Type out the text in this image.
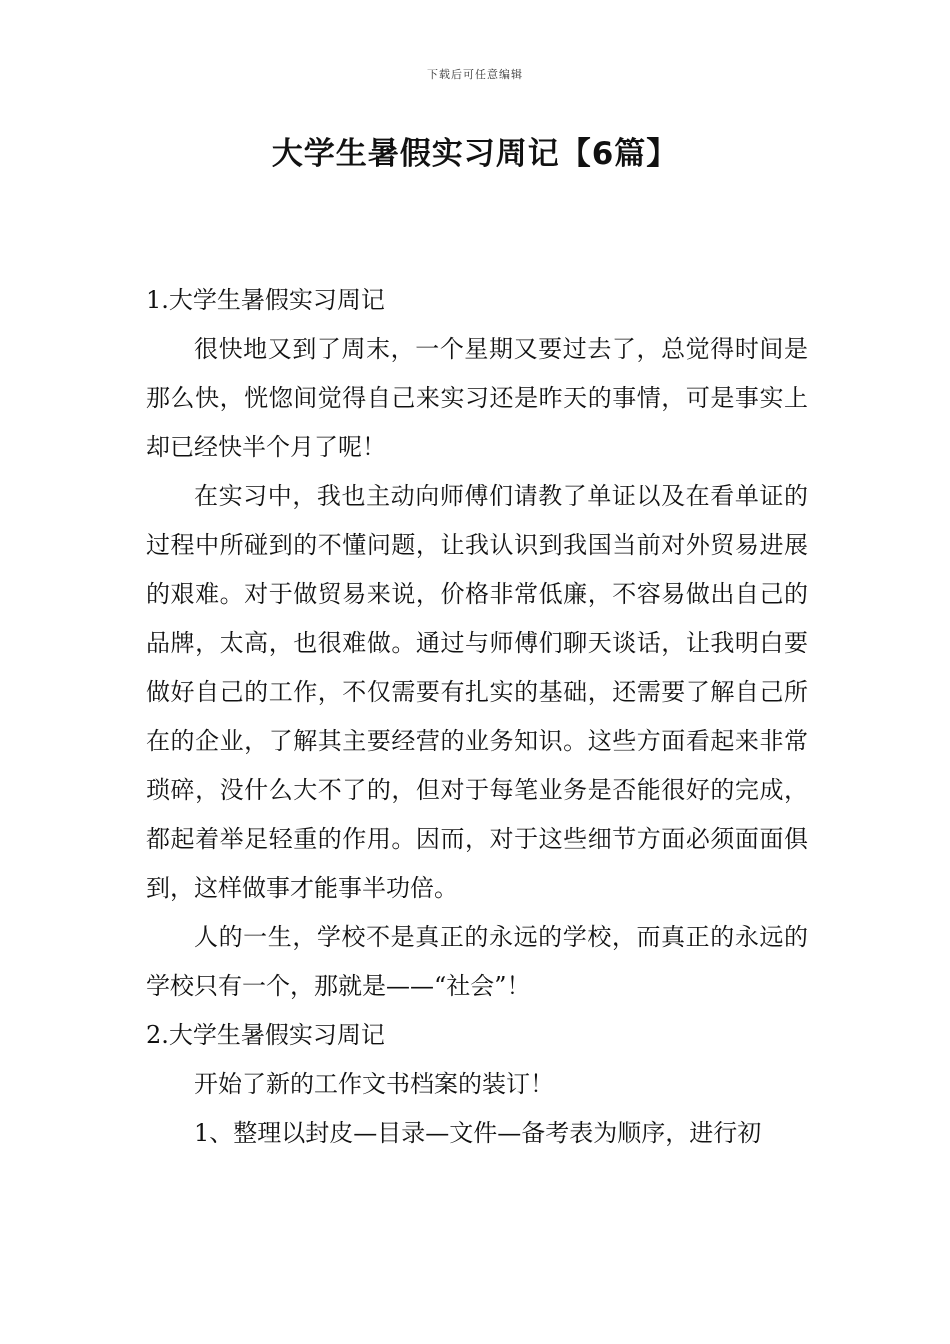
下载后可任意编辑
大学生暑假实习周记【6篇】

1.大学生暑假实习周记

很快地又到了周末，一个星期又要过去了，总觉得时间是那么快，恍惚间觉得自己来实习还是昨天的事情，可是事实上却已经快半个月了呢！

在实习中，我也主动向师傅们请教了单证以及在看单证的过程中所碰到的不懂问题，让我认识到我国当前对外贸易进展的艰难。对于做贸易来说，价格非常低廉，不容易做出自己的品牌，太高，也很难做。通过与师傅们聊天谈话，让我明白要做好自己的工作，不仅需要有扎实的基础，还需要了解自己所在的企业，了解其主要经营的业务知识。这些方面看起来非常琐碎，没什么大不了的，但对于每笔业务是否能很好的完成，都起着举足轻重的作用。因而，对于这些细节方面必须面面俱到，这样做事才能事半功倍。

人的一生，学校不是真正的永远的学校，而真正的永远的学校只有一个，那就是——“社会”！

2.大学生暑假实习周记

开始了新的工作文书档案的装订！

1、整理以封皮—目录—文件—备考表为顺序，进行初
